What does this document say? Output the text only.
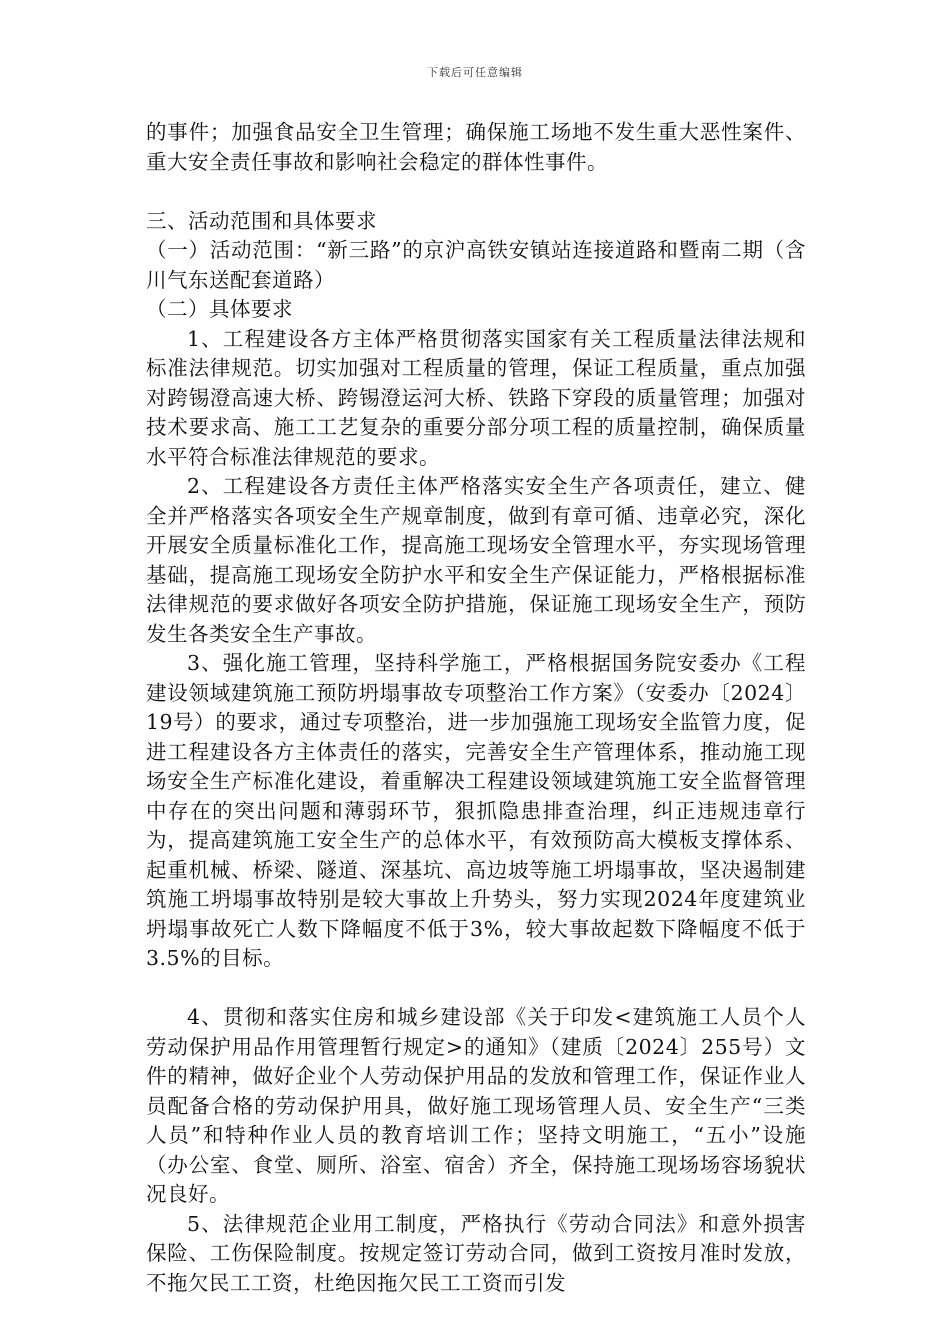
下载后可任意编辑

的事件；加强食品安全卫生管理；确保施工场地不发生重大恶性案件、重大安全责任事故和影响社会稳定的群体性事件。

三、活动范围和具体要求

（一）活动范围：“新三路”的京沪高铁安镇站连接道路和暨南二期（含川气东送配套道路）

（二）具体要求

1、工程建设各方主体严格贯彻落实国家有关工程质量法律法规和标准法律规范。切实加强对工程质量的管理，保证工程质量，重点加强对跨锡澄高速大桥、跨锡澄运河大桥、铁路下穿段的质量管理；加强对技术要求高、施工工艺复杂的重要分部分项工程的质量控制，确保质量水平符合标准法律规范的要求。

2、工程建设各方责任主体严格落实安全生产各项责任，建立、健全并严格落实各项安全生产规章制度，做到有章可循、违章必究，深化开展安全质量标准化工作，提高施工现场安全管理水平，夯实现场管理基础，提高施工现场安全防护水平和安全生产保证能力，严格根据标准法律规范的要求做好各项安全防护措施，保证施工现场安全生产，预防发生各类安全生产事故。

3、强化施工管理，坚持科学施工，严格根据国务院安委办《工程建设领域建筑施工预防坍塌事故专项整治工作方案》（安委办〔2024〕19号）的要求，通过专项整治，进一步加强施工现场安全监管力度，促进工程建设各方主体责任的落实，完善安全生产管理体系，推动施工现场安全生产标准化建设，着重解决工程建设领域建筑施工安全监督管理中存在的突出问题和薄弱环节，狠抓隐患排查治理，纠正违规违章行为，提高建筑施工安全生产的总体水平，有效预防高大模板支撑体系、起重机械、桥梁、隧道、深基坑、高边坡等施工坍塌事故，坚决遏制建筑施工坍塌事故特别是较大事故上升势头，努力实现2024年度建筑业坍塌事故死亡人数下降幅度不低于3%，较大事故起数下降幅度不低于3.5%的目标。

4、贯彻和落实住房和城乡建设部《关于印发<建筑施工人员个人劳动保护用品作用管理暂行规定>的通知》（建质〔2024〕255号）文件的精神，做好企业个人劳动保护用品的发放和管理工作，保证作业人员配备合格的劳动保护用具，做好施工现场管理人员、安全生产“三类人员”和特种作业人员的教育培训工作；坚持文明施工，“五小”设施（办公室、食堂、厕所、浴室、宿舍）齐全，保持施工现场场容场貌状况良好。

5、法律规范企业用工制度，严格执行《劳动合同法》和意外损害保险、工伤保险制度。按规定签订劳动合同，做到工资按月准时发放，不拖欠民工工资，杜绝因拖欠民工工资而引发
